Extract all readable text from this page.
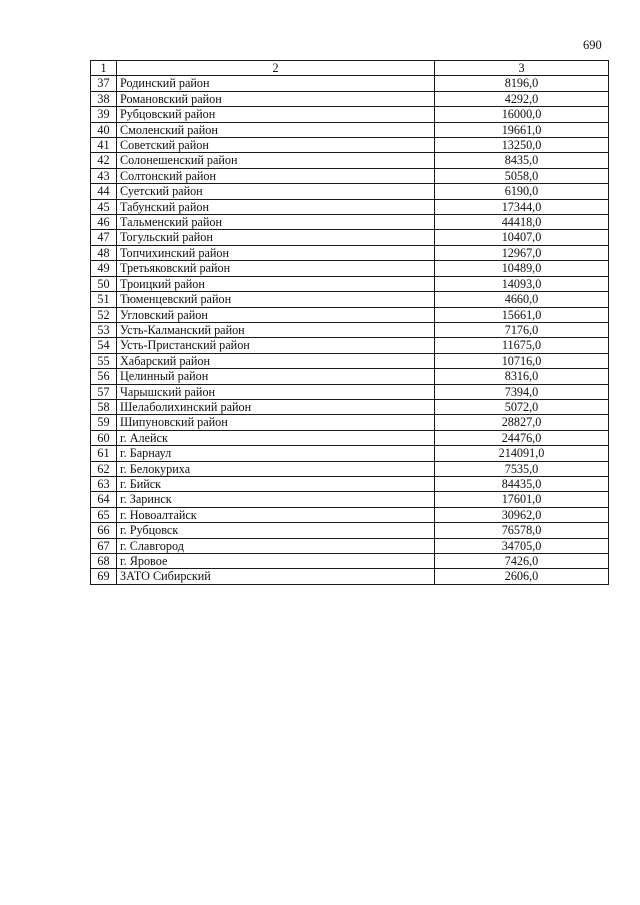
690
1	2	3
37	Родинский район	8196,0
38	Романовский район	4292,0
39	Рубцовский район	16000,0
40	Смоленский район	19661,0
41	Советский район	13250,0
42	Солонешенский район	8435,0
43	Солтонский район	5058,0
44	Суетский район	6190,0
45	Табунский район	17344,0
46	Тальменский район	44418,0
47	Тогульский район	10407,0
48	Топчихинский район	12967,0
49	Третьяковский район	10489,0
50	Троицкий район	14093,0
51	Тюменцевский район	4660,0
52	Угловский район	15661,0
53	Усть-Калманский район	7176,0
54	Усть-Пристанский район	11675,0
55	Хабарский район	10716,0
56	Целинный район	8316,0
57	Чарышский район	7394,0
58	Шелаболихинский район	5072,0
59	Шипуновский район	28827,0
60	г. Алейск	24476,0
61	г. Барнаул	214091,0
62	г. Белокуриха	7535,0
63	г. Бийск	84435,0
64	г. Заринск	17601,0
65	г. Новоалтайск	30962,0
66	г. Рубцовск	76578,0
67	г. Славгород	34705,0
68	г. Яровое	7426,0
69	ЗАТО Сибирский	2606,0
